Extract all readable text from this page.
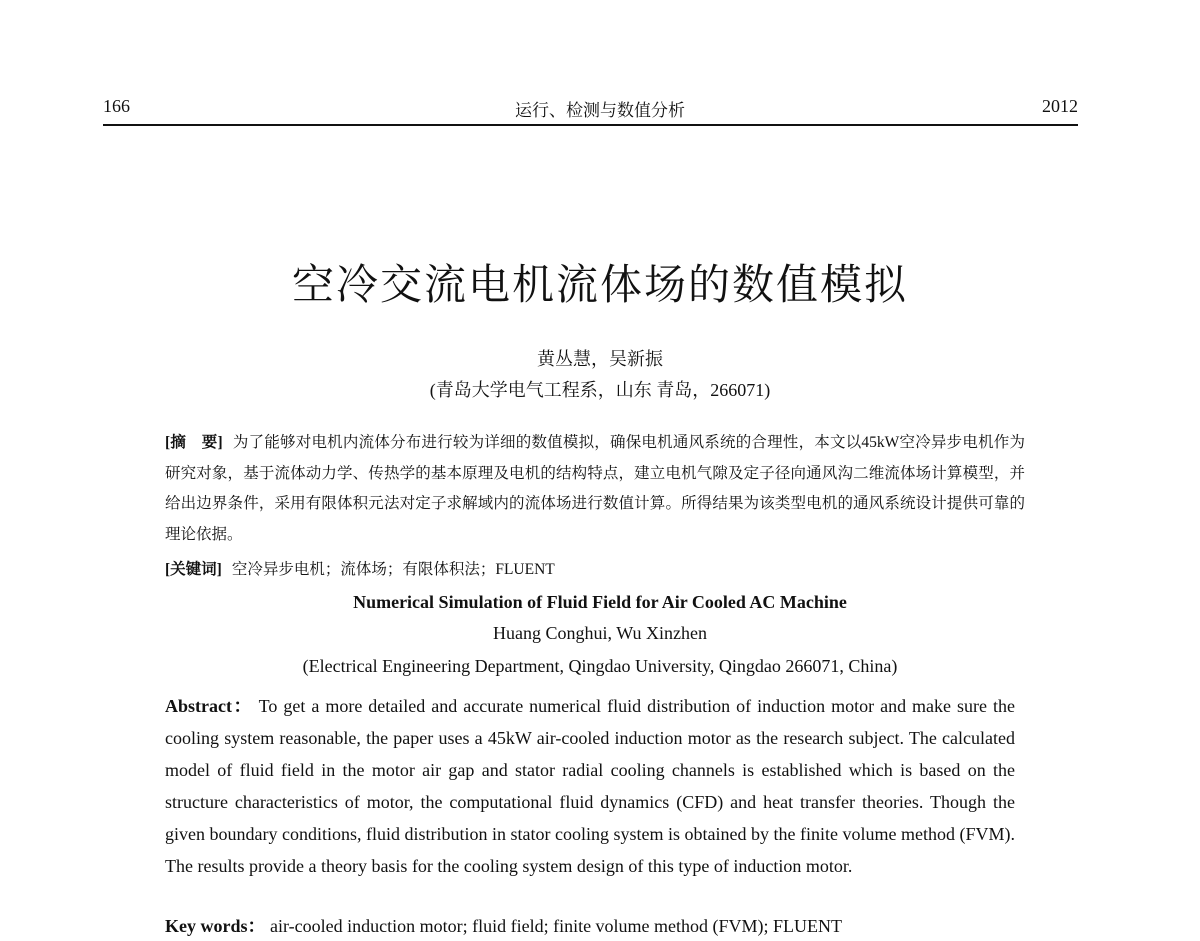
166	运行、检测与数值分析	2012
空冷交流电机流体场的数值模拟
黄丛慧，吴新振
(青岛大学电气工程系，山东 青岛，266071)
[摘　要] 为了能够对电机内流体分布进行较为详细的数值模拟，确保电机通风系统的合理性，本文以45kW空冷异步电机作为研究对象，基于流体动力学、传热学的基本原理及电机的结构特点，建立电机气隙及定子径向通风沟二维流体场计算模型，并给出边界条件，采用有限体积元法对定子求解域内的流体场进行数值计算。所得结果为该类型电机的通风系统设计提供可靠的理论依据。
[关键词] 空冷异步电机；流体场；有限体积法；FLUENT
Numerical Simulation of Fluid Field for Air Cooled AC Machine
Huang Conghui, Wu Xinzhen
(Electrical Engineering Department, Qingdao University, Qingdao 266071, China)
Abstract： To get a more detailed and accurate numerical fluid distribution of induction motor and make sure the cooling system reasonable, the paper uses a 45kW air-cooled induction motor as the research subject. The calculated model of fluid field in the motor air gap and stator radial cooling channels is established which is based on the structure characteristics of motor, the computational fluid dynamics (CFD) and heat transfer theories. Though the given boundary conditions, fluid distribution in stator cooling system is obtained by the finite volume method (FVM). The results provide a theory basis for the cooling system design of this type of induction motor.
Key words： air-cooled induction motor; fluid field; finite volume method (FVM); FLUENT
